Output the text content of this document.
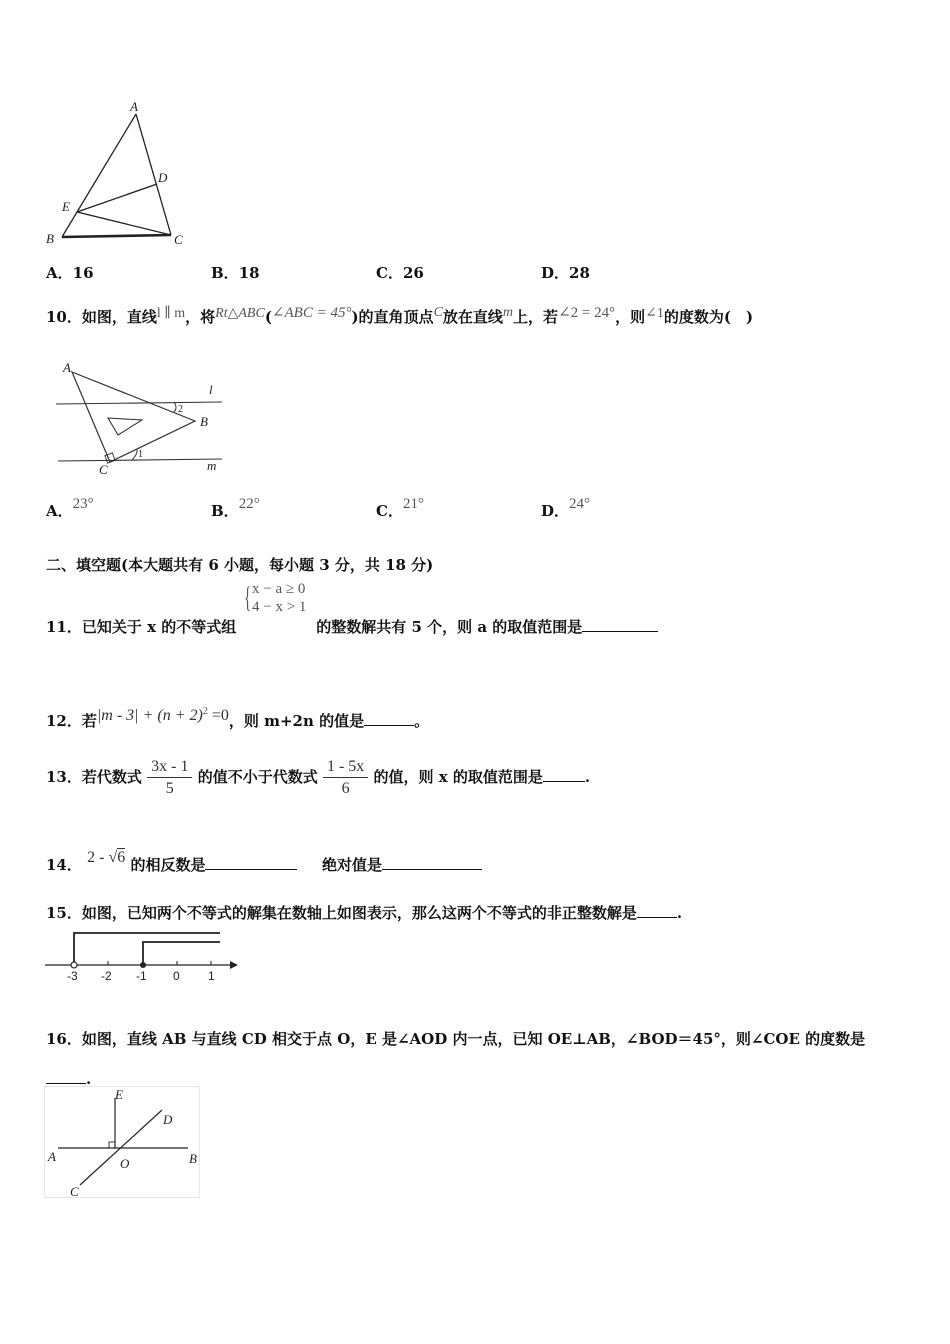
A
D
E
B	C
A．16	B．18	C．26	D．28
10．如图，直线l ∥ m，将Rt△ABC(∠ABC = 45°)的直角顶点C放在直线m上，若∠2 = 24°，则∠1的度数为(　)
A
l
2
B
1
C	m
A．23°	B．22°	C．21°	D．24°
二、填空题(本大题共有 6 小题，每小题 3 分，共 18 分)
{ x − a ≥ 0
4 − x > 1
11．已知关于 x 的不等式组	的整数解共有 5 个，则 a 的取值范围是
12．若$|m - 3| + (n + 2)^2 =0$，则 m+2n 的值是	。
13．若代数式 $\frac{3x - 1}{5}$ 的值不小于代数式 $\frac{1 - 5x}{6}$ 的值，则 x 的取值范围是	.
14． 2 - √6 的相反数是	绝对值是
15．如图，已知两个不等式的解集在数轴上如图表示，那么这两个不等式的非正整数解是	.
-3 -2 -1 0 1
16．如图，直线 AB 与直线 CD 相交于点 O，E 是∠AOD 内一点，已知 OE⊥AB，∠BOD＝45°，则∠COE 的度数是.
E
D
A	O	B
C
